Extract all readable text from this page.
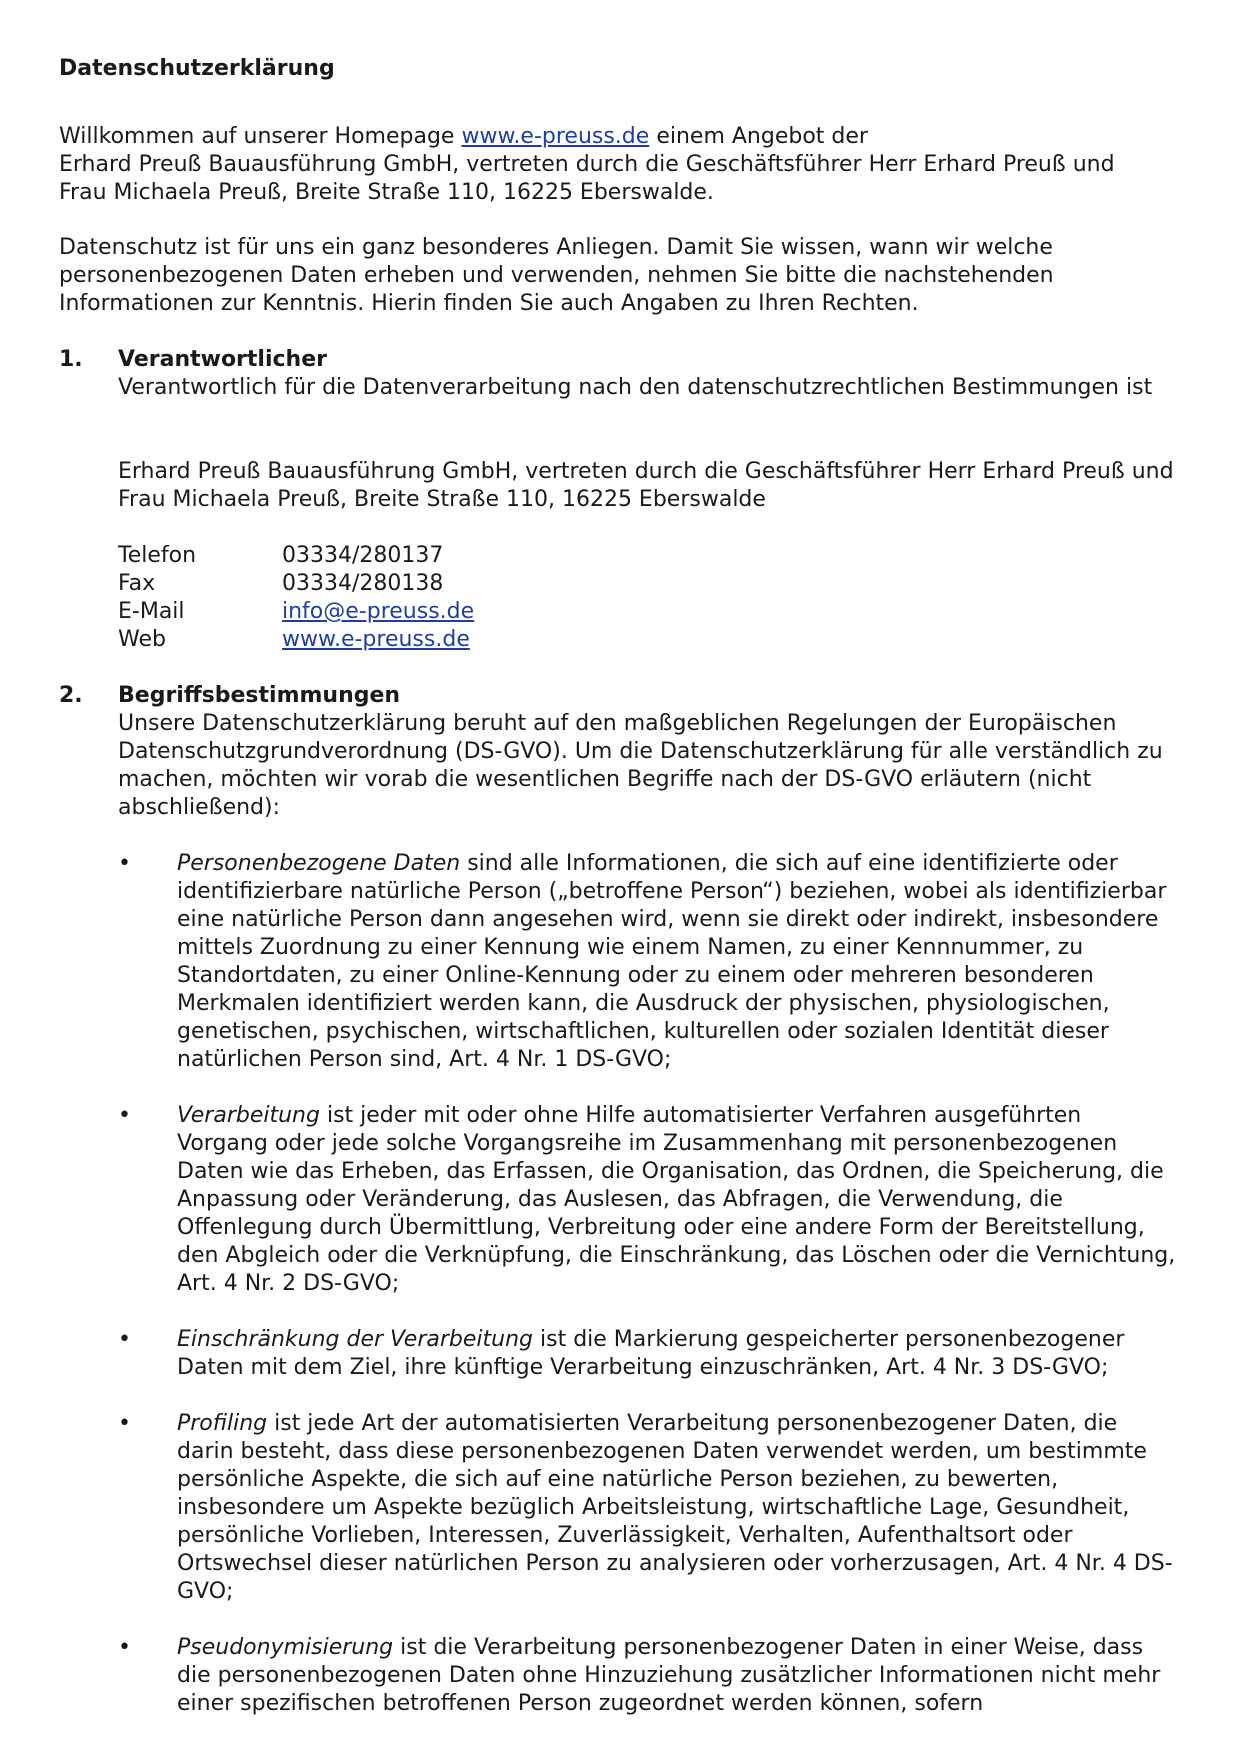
Datenschutzerklärung

Willkommen auf unserer Homepage www.e-preuss.de einem Angebot der
Erhard Preuß Bauausführung GmbH, vertreten durch die Geschäftsführer Herr Erhard Preuß und
Frau Michaela Preuß, Breite Straße 110, 16225 Eberswalde.

Datenschutz ist für uns ein ganz besonderes Anliegen. Damit Sie wissen, wann wir welche personenbezogenen Daten erheben und verwenden, nehmen Sie bitte die nachstehenden Informationen zur Kenntnis. Hierin finden Sie auch Angaben zu Ihren Rechten.

1. Verantwortlicher

Verantwortlich für die Datenverarbeitung nach den datenschutzrechtlichen Bestimmungen ist

Erhard Preuß Bauausführung GmbH, vertreten durch die Geschäftsführer Herr Erhard Preuß und Frau Michaela Preuß, Breite Straße 110, 16225 Eberswalde

Telefon	03334/280137
Fax	03334/280138
E-Mail	info@e-preuss.de
Web	www.e-preuss.de
2. Begriffsbestimmungen

Unsere Datenschutzerklärung beruht auf den maßgeblichen Regelungen der Europäischen Datenschutzgrundverordnung (DS-GVO). Um die Datenschutzerklärung für alle verständlich zu machen, möchten wir vorab die wesentlichen Begriffe nach der DS-GVO erläutern (nicht abschließend):

• Personenbezogene Daten sind alle Informationen, die sich auf eine identifizierte oder identifizierbare natürliche Person („betroffene Person“) beziehen, wobei als identifizierbar eine natürliche Person dann angesehen wird, wenn sie direkt oder indirekt, insbesondere mittels Zuordnung zu einer Kennung wie einem Namen, zu einer Kennnummer, zu Standortdaten, zu einer Online-Kennung oder zu einem oder mehreren besonderen Merkmalen identifiziert werden kann, die Ausdruck der physischen, physiologischen, genetischen, psychischen, wirtschaftlichen, kulturellen oder sozialen Identität dieser natürlichen Person sind, Art. 4 Nr. 1 DS-GVO;

• Verarbeitung ist jeder mit oder ohne Hilfe automatisierter Verfahren ausgeführten Vorgang oder jede solche Vorgangsreihe im Zusammenhang mit personenbezogenen Daten wie das Erheben, das Erfassen, die Organisation, das Ordnen, die Speicherung, die Anpassung oder Veränderung, das Auslesen, das Abfragen, die Verwendung, die Offenlegung durch Übermittlung, Verbreitung oder eine andere Form der Bereitstellung, den Abgleich oder die Verknüpfung, die Einschränkung, das Löschen oder die Vernichtung, Art. 4 Nr. 2 DS-GVO;

• Einschränkung der Verarbeitung ist die Markierung gespeicherter personenbezogener Daten mit dem Ziel, ihre künftige Verarbeitung einzuschränken, Art. 4 Nr. 3 DS-GVO;

• Profiling ist jede Art der automatisierten Verarbeitung personenbezogener Daten, die darin besteht, dass diese personenbezogenen Daten verwendet werden, um bestimmte persönliche Aspekte, die sich auf eine natürliche Person beziehen, zu bewerten, insbesondere um Aspekte bezüglich Arbeitsleistung, wirtschaftliche Lage, Gesundheit, persönliche Vorlieben, Interessen, Zuverlässigkeit, Verhalten, Aufenthaltsort oder Ortswechsel dieser natürlichen Person zu analysieren oder vorherzusagen, Art. 4 Nr. 4 DS-GVO;

• Pseudonymisierung ist die Verarbeitung personenbezogener Daten in einer Weise, dass die personenbezogenen Daten ohne Hinzuziehung zusätzlicher Informationen nicht mehr einer spezifischen betroffenen Person zugeordnet werden können, sofern
